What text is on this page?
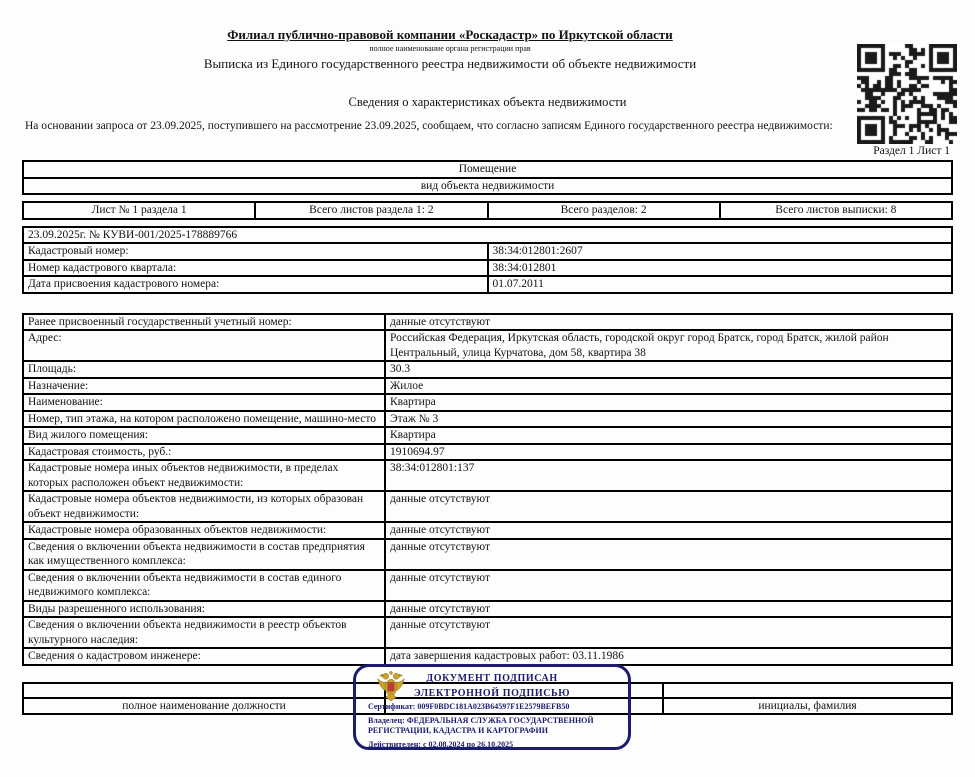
Филиал публично-правовой компании «Роскадастр» по Иркутской области
полное наименование органа регистрации прав
Выписка из Единого государственного реестра недвижимости об объекте недвижимости
Сведения о характеристиках объекта недвижимости
На основании запроса от 23.09.2025, поступившего на рассмотрение 23.09.2025, сообщаем, что согласно записям Единого государственного реестра недвижимости:
Раздел 1 Лист 1
Помещение
вид объекта недвижимости
Лист № 1 раздела 1	Всего листов раздела 1: 2	Всего разделов: 2	Всего листов выписки: 8
23.09.2025г. № КУВИ-001/2025-178889766	
Кадастровый номер:	38:34:012801:2607
Номер кадастрового квартала:	38:34:012801
Дата присвоения кадастрового номера:	01.07.2011
Ранее присвоенный государственный учетный номер:	данные отсутствуют
Адрес:	Российская Федерация, Иркутская область, городской округ город Братск, город Братск, жилой район Центральный, улица Курчатова, дом 58, квартира 38
Площадь:	30.3
Назначение:	Жилое
Наименование:	Квартира
Номер, тип этажа, на котором расположено помещение, машино-место	Этаж № 3
Вид жилого помещения:	Квартира
Кадастровая стоимость, руб.:	1910694.97
Кадастровые номера иных объектов недвижимости, в пределах которых расположен объект недвижимости:	38:34:012801:137
Кадастровые номера объектов недвижимости, из которых образован объект недвижимости:	данные отсутствуют
Кадастровые номера образованных объектов недвижимости:	данные отсутствуют
Сведения о включении объекта недвижимости в состав предприятия как имущественного комплекса:	данные отсутствуют
Сведения о включении объекта недвижимости в состав единого недвижимого комплекса:	данные отсутствуют
Виды разрешенного использования:	данные отсутствуют
Сведения о включении объекта недвижимости в реестр объектов культурного наследия:	данные отсутствуют
Сведения о кадастровом инженере:	дата завершения кадастровых работ: 03.11.1986

полное наименование должности		инициалы, фамилия
ДОКУМЕНТ ПОДПИСАН
ЭЛЕКТРОННОЙ ПОДПИСЬЮ
Сертификат: 009F0BDC181A023B64597F1E2579BEFB50
Владелец: ФЕДЕРАЛЬНАЯ СЛУЖБА ГОСУДАРСТВЕННОЙ РЕГИСТРАЦИИ, КАДАСТРА И КАРТОГРАФИИ
Действителен: с 02.08.2024 по 26.10.2025
